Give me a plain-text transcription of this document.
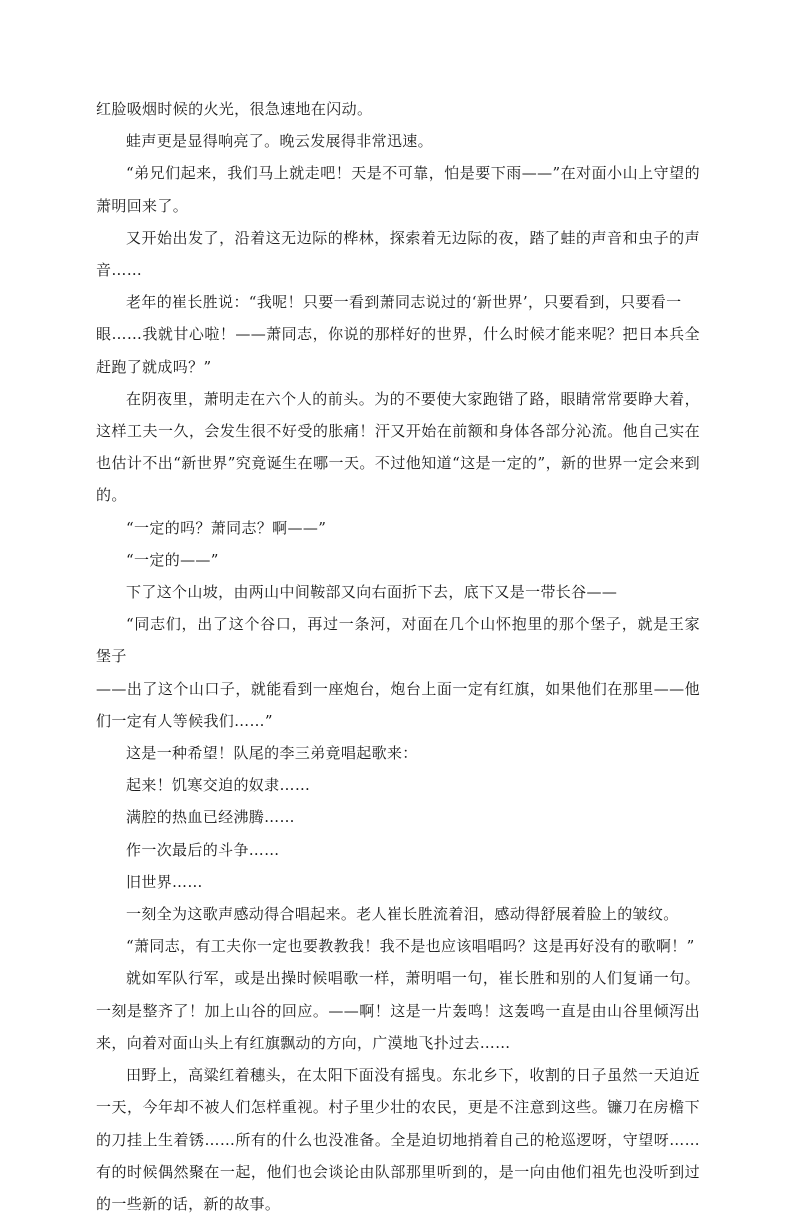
红脸吸烟时候的火光，很急速地在闪动。

蛙声更是显得响亮了。晚云发展得非常迅速。

“弟兄们起来，我们马上就走吧！天是不可靠，怕是要下雨——”在对面小山上守望的萧明回来了。

又开始出发了，沿着这无边际的桦林，探索着无边际的夜，踏了蛙的声音和虫子的声音……

老年的崔长胜说：“我呢！只要一看到萧同志说过的‘新世界’，只要看到，只要看一

眼……我就甘心啦！——萧同志，你说的那样好的世界，什么时候才能来呢？把日本兵全赶跑了就成吗？”

在阴夜里，萧明走在六个人的前头。为的不要使大家跑错了路，眼睛常常要睁大着，这样工夫一久，会发生很不好受的胀痛！汗又开始在前额和身体各部分沁流。他自己实在也估计不出“新世界”究竟诞生在哪一天。不过他知道“这是一定的”，新的世界一定会来到的。

“一定的吗？萧同志？啊——”

“一定的——”

下了这个山坡，由两山中间鞍部又向右面折下去，底下又是一带长谷——

“同志们，出了这个谷口，再过一条河，对面在几个山怀抱里的那个堡子，就是王家堡子

——出了这个山口子，就能看到一座炮台，炮台上面一定有红旗，如果他们在那里——他们一定有人等候我们……”

这是一种希望！队尾的李三弟竟唱起歌来：

起来！饥寒交迫的奴隶……

满腔的热血已经沸腾……

作一次最后的斗争……

旧世界……

一刻全为这歌声感动得合唱起来。老人崔长胜流着泪，感动得舒展着脸上的皱纹。

“萧同志，有工夫你一定也要教教我！我不是也应该唱唱吗？这是再好没有的歌啊！”

就如军队行军，或是出操时候唱歌一样，萧明唱一句，崔长胜和别的人们复诵一句。一刻是整齐了！加上山谷的回应。——啊！这是一片轰鸣！这轰鸣一直是由山谷里倾泻出来，向着对面山头上有红旗飘动的方向，广漠地飞扑过去……

田野上，高粱红着穗头，在太阳下面没有摇曳。东北乡下，收割的日子虽然一天迫近一天，今年却不被人们怎样重视。村子里少壮的农民，更是不注意到这些。镰刀在房檐下的刀挂上生着锈……所有的什么也没准备。全是迫切地捎着自己的枪巡逻呀，守望呀……有的时候偶然聚在一起，他们也会谈论由队部那里听到的，是一向由他们祖先也没听到过的一些新的话，新的故事。
